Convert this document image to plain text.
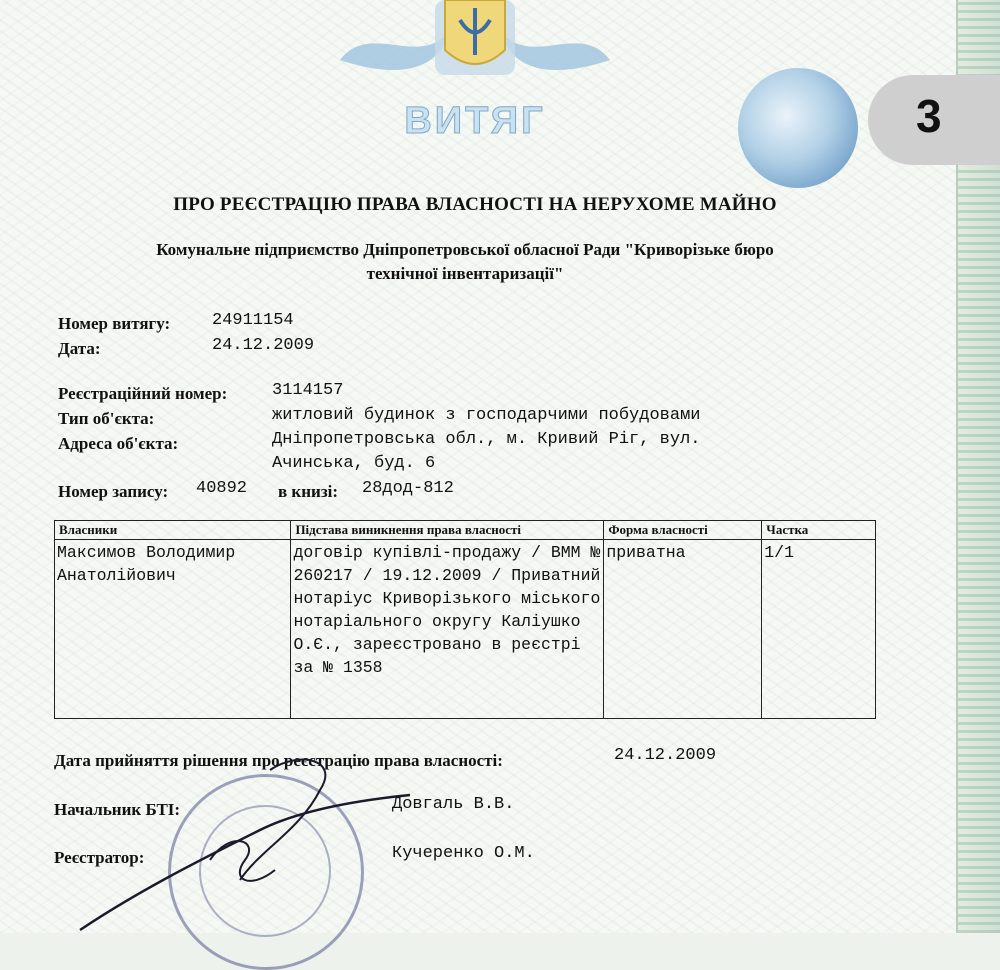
ВИТЯГ	3
ПРО РЕЄСТРАЦІЮ ПРАВА ВЛАСНОСТІ НА НЕРУХОМЕ МАЙНО
Комунальне підприємство Дніпропетровської обласної Ради "Криворізьке бюро
технічної інвентаризації"
Номер витягу: 24911154
Дата:	24.12.2009
Реєстраційний номер:	3114157
Тип об'єкта:	житловий будинок з господарчими побудовами
Адреса об'єкта:	Дніпропетровська обл., м. Кривий Ріг, вул.
Ачинська, буд. 6
Номер запису: 40892 в книзі: 28дод-812
Власники	Підстава виникнення права власності	Форма власності	Частка
Максимов Володимир Анатолійович	договір купівлі-продажу / ВММ № 260217 / 19.12.2009 / Приватний нотаріус Криворізького міського нотаріального округу Каліушко О.Є., зареєстровано в реєстрі за № 1358	приватна	1/1
Дата прийняття рішення про реєстрацію права власності:	24.12.2009
Начальник БТІ:	Довгаль В.В.
Реєстратор:	Кучеренко О.М.
